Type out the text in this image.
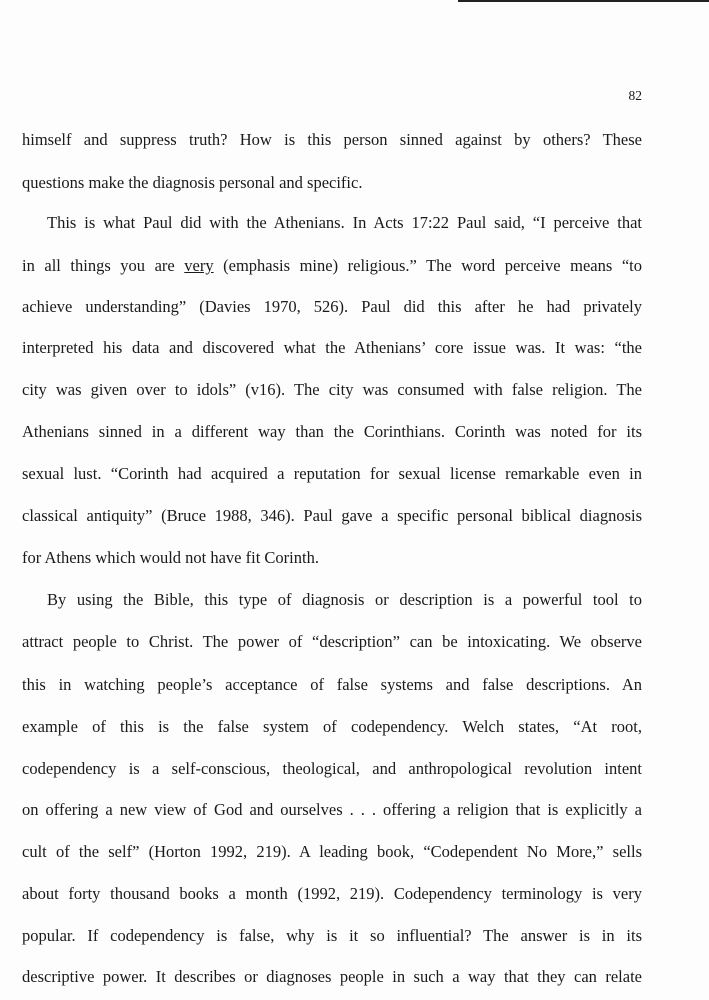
82
himself and suppress truth? How is this person sinned against by others? These
questions make the diagnosis personal and specific.
This is what Paul did with the Athenians. In Acts 17:22 Paul said, “I perceive that
in all things you are very (emphasis mine) religious.” The word perceive means “to
achieve understanding” (Davies 1970, 526). Paul did this after he had privately
interpreted his data and discovered what the Athenians’ core issue was. It was: “the
city was given over to idols” (v16). The city was consumed with false religion. The
Athenians sinned in a different way than the Corinthians. Corinth was noted for its
sexual lust. “Corinth had acquired a reputation for sexual license remarkable even in
classical antiquity” (Bruce 1988, 346). Paul gave a specific personal biblical diagnosis
for Athens which would not have fit Corinth.
By using the Bible, this type of diagnosis or description is a powerful tool to
attract people to Christ. The power of “description” can be intoxicating. We observe
this in watching people’s acceptance of false systems and false descriptions. An
example of this is the false system of codependency. Welch states, “At root,
codependency is a self-conscious, theological, and anthropological revolution intent
on offering a new view of God and ourselves . . . offering a religion that is explicitly a
cult of the self” (Horton 1992, 219). A leading book, “Codependent No More,” sells
about forty thousand books a month (1992, 219). Codependency terminology is very
popular. If codependency is false, why is it so influential? The answer is in its
descriptive power. It describes or diagnoses people in such a way that they can relate
